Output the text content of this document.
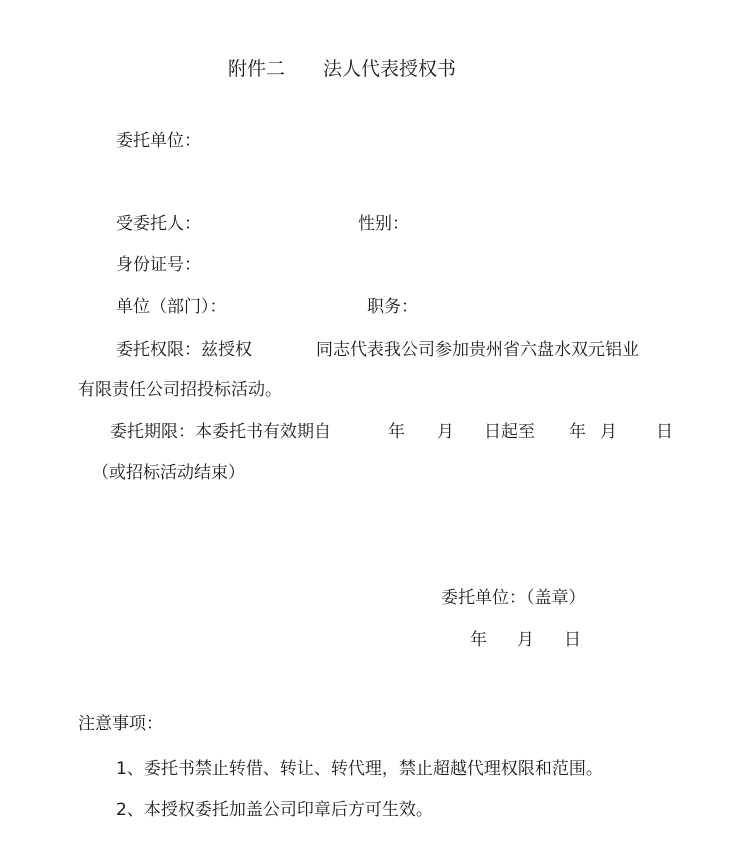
附件二 法人代表授权书
委托单位：
受委托人：	性别：
身份证号：
单位（部门）：	职务：
委托权限：兹授权	同志代表我公司参加贵州省六盘水双元铝业
有限责任公司招投标活动。
委托期限：本委托书有效期自	年 月 日起至 年 月 日
（或招标活动结束）
委托单位：（盖章）
年 月 日
注意事项：
1、委托书禁止转借、转让、转代理，禁止超越代理权限和范围。
2、本授权委托加盖公司印章后方可生效。
